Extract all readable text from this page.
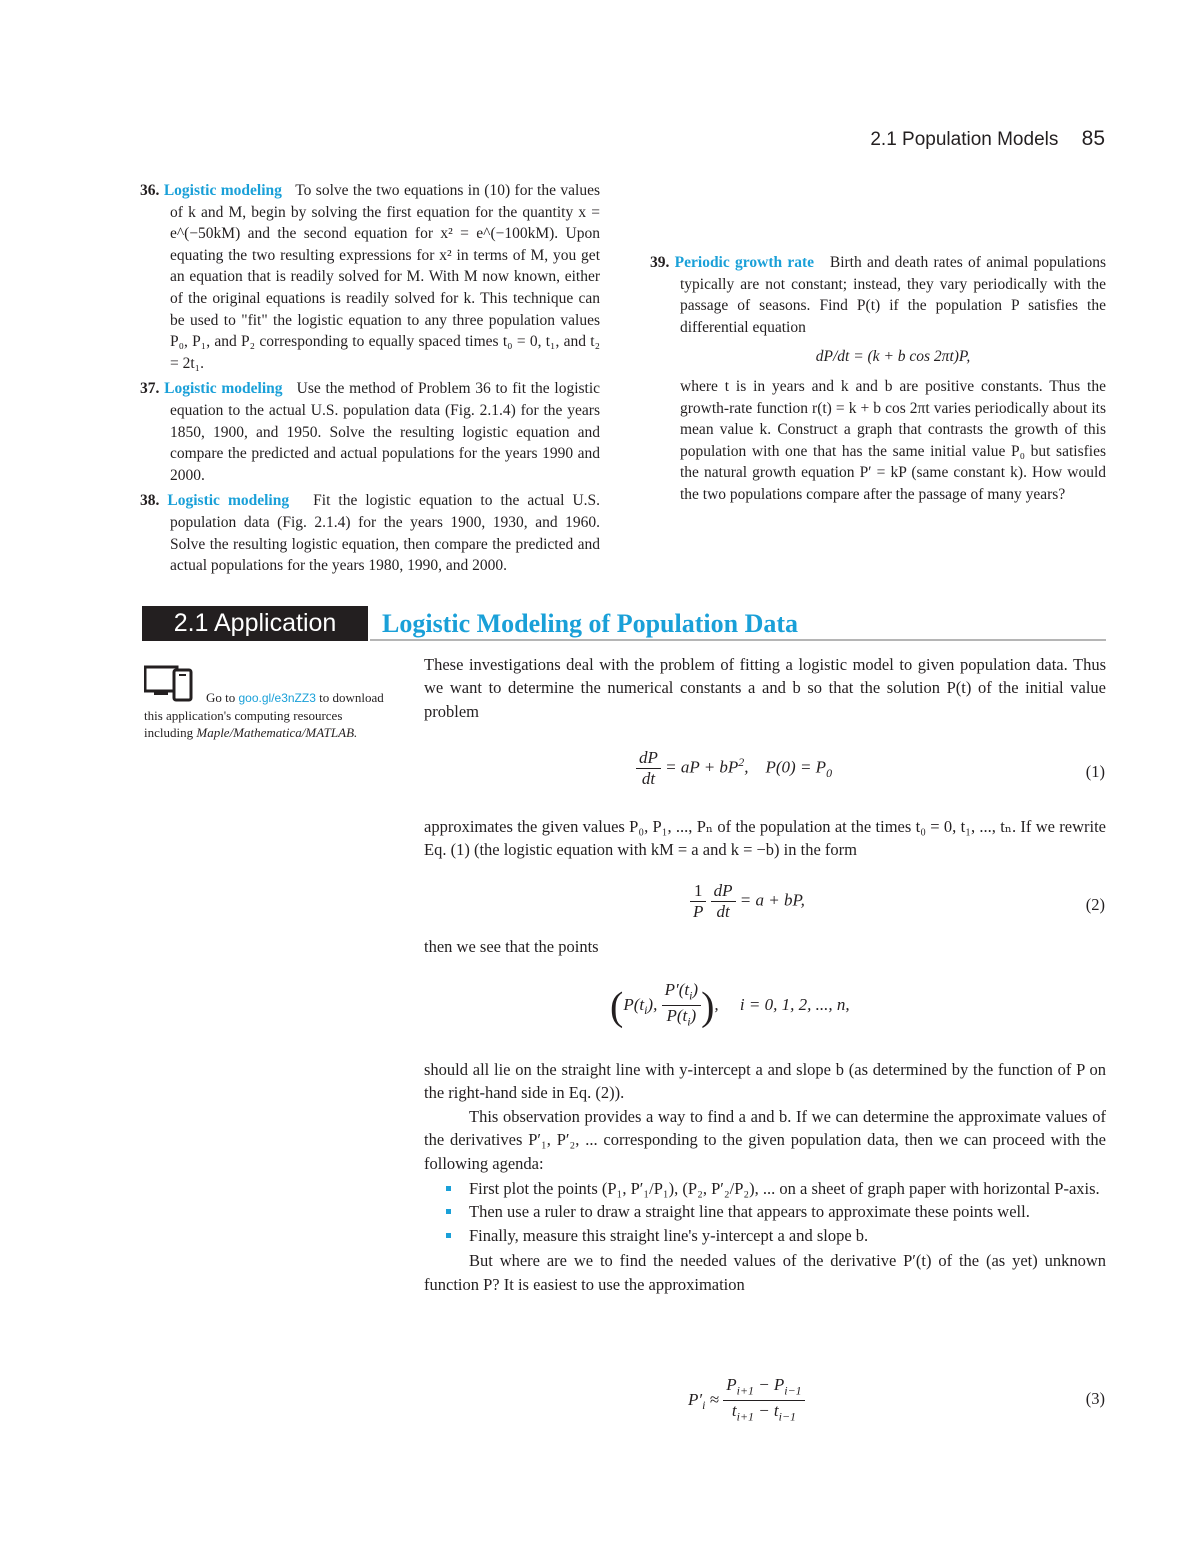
2.1 Population Models 85

36. Logistic modeling To solve the two equations in (10) for the values of k and M, begin by solving the first equation for the quantity x = e^(−50kM) and the second equation for x² = e^(−100kM). Upon equating the two resulting expressions for x² in terms of M, you get an equation that is readily solved for M. With M now known, either of the original equations is readily solved for k. This technique can be used to "fit" the logistic equation to any three population values P₀, P₁, and P₂ corresponding to equally spaced times t₀ = 0, t₁, and t₂ = 2t₁.

37. Logistic modeling Use the method of Problem 36 to fit the logistic equation to the actual U.S. population data (Fig. 2.1.4) for the years 1850, 1900, and 1950. Solve the resulting logistic equation and compare the predicted and actual populations for the years 1990 and 2000.

38. Logistic modeling Fit the logistic equation to the actual U.S. population data (Fig. 2.1.4) for the years 1900, 1930, and 1960. Solve the resulting logistic equation, then compare the predicted and actual populations for the years 1980, 1990, and 2000.

39. Periodic growth rate Birth and death rates of animal populations typically are not constant; instead, they vary periodically with the passage of seasons. Find P(t) if the population P satisfies the differential equation

dP/dt = (k + b cos 2πt)P,

where t is in years and k and b are positive constants. Thus the growth-rate function r(t) = k + b cos 2πt varies periodically about its mean value k. Construct a graph that contrasts the growth of this population with one that has the same initial value P₀ but satisfies the natural growth equation P′ = kP (same constant k). How would the two populations compare after the passage of many years?

2.1 Application	Logistic Modeling of Population Data
Go to goo.gl/e3nZZ3 to download this application's computing resources including Maple/Mathematica/MATLAB.

These investigations deal with the problem of fitting a logistic model to given population data. Thus we want to determine the numerical constants a and b so that the solution P(t) of the initial value problem

$\frac{dP}{dt}$ = aP + $bP^2$,    $P(0) = P_0$	(1)

approximates the given values P₀, P₁, ..., Pₙ of the population at the times t₀ = 0, t₁, ..., tₙ. If we rewrite Eq. (1) (the logistic equation with kM = a and k = −b) in the form

$\frac{1}{P}$
$\frac{dP}{dt} = a$ + bP,	(2)

then we see that the points

($P(t_i)$, $\frac{P'(t_i)}{P(t_i)}$ ),     i = 0, 1, 2, ..., n,

should all lie on the straight line with y-intercept a and slope b (as determined by the function of P on the right-hand side in Eq. (2)).

This observation provides a way to find a and b. If we can determine the approximate values of the derivatives P′₁, P′₂, ... corresponding to the given population data, then we can proceed with the following agenda:

First plot the points (P₁, P′₁/P₁), (P₂, P′₂/P₂), ... on a sheet of graph paper with horizontal P-axis.
Then use a ruler to draw a straight line that appears to approximate these points well.
Finally, measure this straight line's y-intercept a and slope b.

But where are we to find the needed values of the derivative P′(t) of the (as yet) unknown function P? It is easiest to use the approximation

$P'_i \approx \frac{P_{i+1} - P_{i-1}}{t_{i+1} - t_{i-1}}$	(3)
